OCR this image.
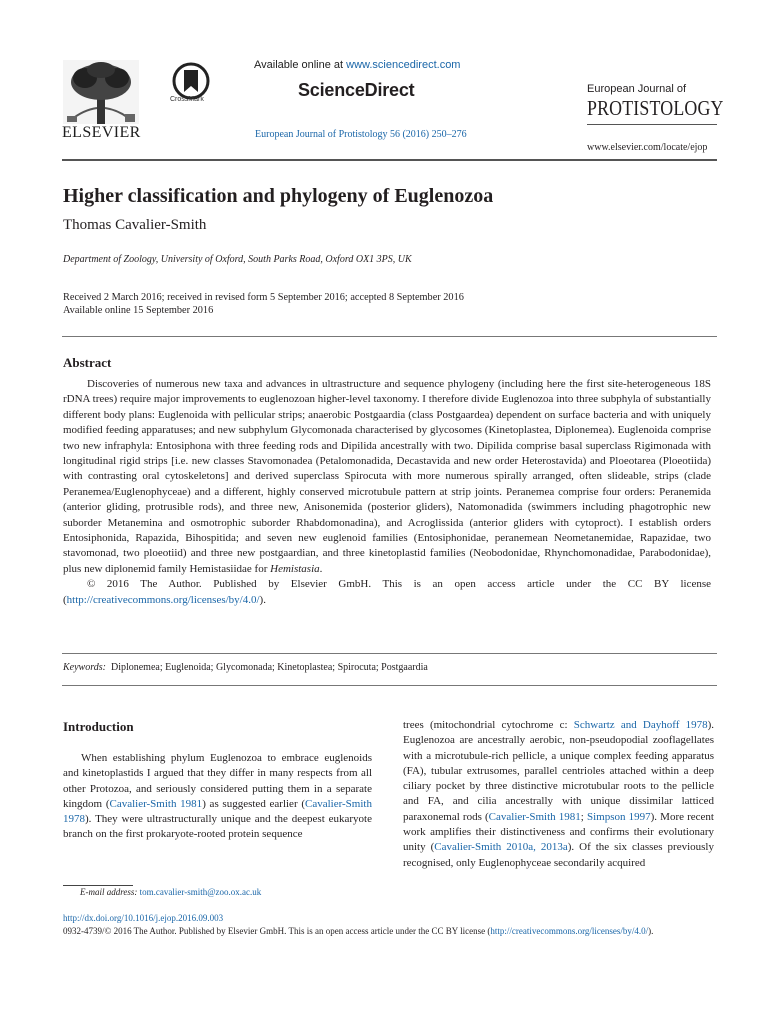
ELSEVIER
CrossMark
Available online at www.sciencedirect.com
ScienceDirect
European Journal of Protistology 56 (2016) 250–276
European Journal of
PROTISTOLOGY
www.elsevier.com/locate/ejop
Higher classification and phylogeny of Euglenozoa
Thomas Cavalier-Smith
Department of Zoology, University of Oxford, South Parks Road, Oxford OX1 3PS, UK
Received 2 March 2016; received in revised form 5 September 2016; accepted 8 September 2016
Available online 15 September 2016
Abstract

Discoveries of numerous new taxa and advances in ultrastructure and sequence phylogeny (including here the first site-heterogeneous 18S rDNA trees) require major improvements to euglenozoan higher-level taxonomy. I therefore divide Euglenozoa into three subphyla of substantially different body plans: Euglenoida with pellicular strips; anaerobic Postgaardia (class Postgaardea) dependent on surface bacteria and with uniquely modified feeding apparatuses; and new subphylum Glycomonada characterised by glycosomes (Kinetoplastea, Diplonemea). Euglenoida comprise two new infraphyla: Entosiphona with three feeding rods and Dipilida ancestrally with two. Dipilida comprise basal superclass Rigimonada with longitudinal rigid strips [i.e. new classes Stavomonadea (Petalomonadida, Decastavida and new order Heterostavida) and Ploeotarea (Ploeotiida) with contrasting oral cytoskeletons] and derived superclass Spirocuta with more numerous spirally arranged, often slideable, strips (clade Peranemea/Euglenophyceae) and a different, highly conserved microtubule pattern at strip joints. Peranemea comprise four orders: Peranemida (anterior gliding, protrusible rods), and three new, Anisonemida (posterior gliders), Natomonadida (swimmers including phagotrophic new suborder Metanemina and osmotrophic suborder Rhabdomonadina), and Acroglissida (anterior gliders with cytoproct). I establish orders Entosiphonida, Rapazida, Bihospitida; and seven new euglenoid families (Entosiphonidae, peranemean Neometanemidae, Rapazidae, two stavomonad, two ploeotiid) and three new postgaardian, and three kinetoplastid families (Neobodonidae, Rhynchomonadidae, Parabodonidae), plus new diplonemid family Hemistasiidae for Hemistasia.

© 2016 The Author. Published by Elsevier GmbH. This is an open access article under the CC BY license (http://creativecommons.org/licenses/by/4.0/).

Keywords: Diplonemea; Euglenoida; Glycomonada; Kinetoplastea; Spirocuta; Postgaardia
Introduction

When establishing phylum Euglenozoa to embrace euglenoids and kinetoplastids I argued that they differ in many respects from all other Protozoa, and seriously considered putting them in a separate kingdom (Cavalier-Smith 1981) as suggested earlier (Cavalier-Smith 1978). They were ultrastructurally unique and the deepest eukaryote branch on the first prokaryote-rooted protein sequence

trees (mitochondrial cytochrome c: Schwartz and Dayhoff 1978). Euglenozoa are ancestrally aerobic, non-pseudopodial zooflagellates with a microtubule-rich pellicle, a unique complex feeding apparatus (FA), tubular extrusomes, parallel centrioles attached within a deep ciliary pocket by three distinctive microtubular roots to the pellicle and FA, and cilia ancestrally with unique dissimilar latticed paraxonemal rods (Cavalier-Smith 1981; Simpson 1997). More recent work amplifies their distinctiveness and confirms their evolutionary unity (Cavalier-Smith 2010a, 2013a). Of the six classes previously recognised, only Euglenophyceae secondarily acquired

E-mail address: tom.cavalier-smith@zoo.ox.ac.uk
http://dx.doi.org/10.1016/j.ejop.2016.09.003
0932-4739/© 2016 The Author. Published by Elsevier GmbH. This is an open access article under the CC BY license (http://creativecommons.org/licenses/by/4.0/).
